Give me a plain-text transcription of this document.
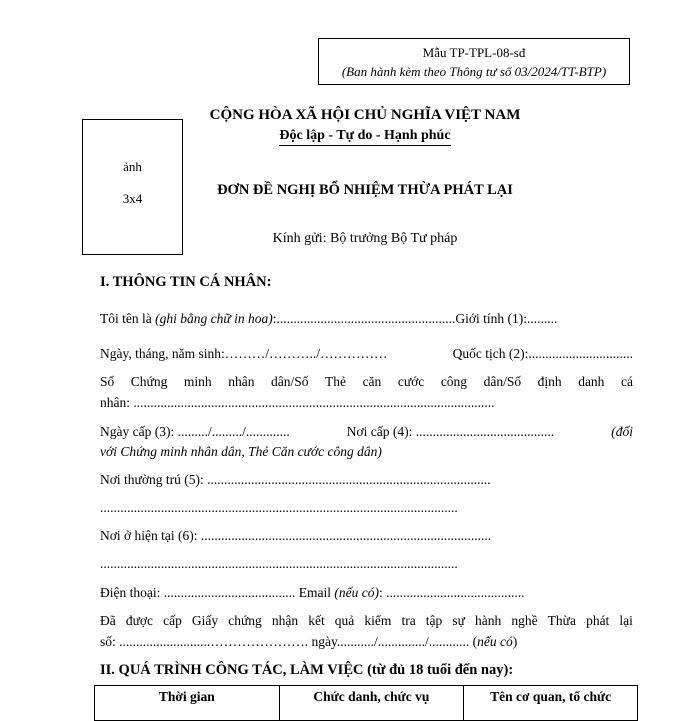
Mẫu TP-TPL-08-sđ
(Ban hành kèm theo Thông tư số 03/2024/TT-BTP)
ảnh
3x4
CỘNG HÒA XÃ HỘI CHỦ NGHĨA VIỆT NAM
Độc lập - Tự do - Hạnh phúc
ĐƠN ĐỀ NGHỊ BỔ NHIỆM THỪA PHÁT LẠI
Kính gửi: Bộ trưởng Bộ Tư pháp
I. THÔNG TIN CÁ NHÂN:
Tôi tên là (ghi bằng chữ in hoa):.....................................................Giới tính (1):.........
Ngày, tháng, năm sinh:………/………../……………	Quốc tịch (2):...............................
Số Chứng minh nhân dân/Số Thẻ căn cước công dân/Số định danh cá
nhân: ...........................................................................................................
Ngày cấp (3): ........./........./.............	Nơi cấp (4): .........................................	(đối
với Chứng minh nhân dân, Thẻ Căn cước công dân)
Nơi thường trú (5): ....................................................................................
..........................................................................................................
Nơi ở hiện tại (6): ......................................................................................
..........................................................................................................
Điện thoại: ....................................... Email (nếu có): .........................................
Đã được cấp Giấy chứng nhận kết quả kiểm tra tập sự hành nghề Thừa phát lại
số: ...........................…………………. ngày.........../............../............ (nếu có)
II. QUÁ TRÌNH CÔNG TÁC, LÀM VIỆC (từ đủ 18 tuổi đến nay):
Thời gian	Chức danh, chức vụ	Tên cơ quan, tổ chức
